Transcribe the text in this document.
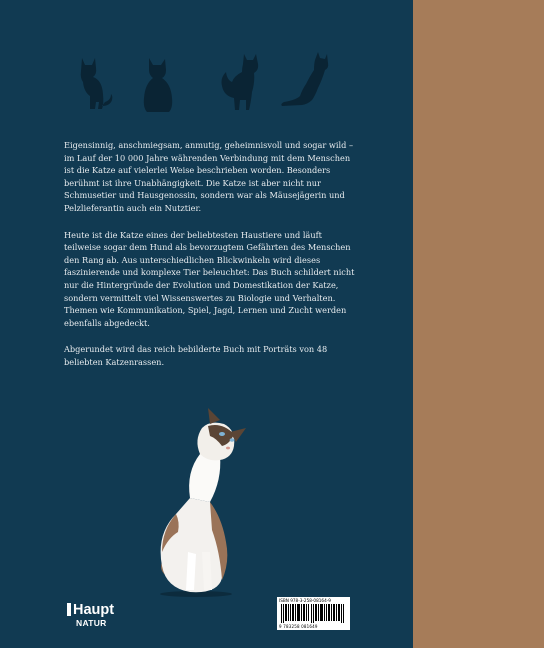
Eigensinnig, anschmiegsam, anmutig, geheimnisvoll und sogar wild – im Lauf der 10 000 Jahre währenden Verbindung mit dem Menschen ist die Katze auf vielerlei Weise beschrieben worden. Besonders berühmt ist ihre Unabhängigkeit. Die Katze ist aber nicht nur Schmusetier und Hausgenossin, sondern war als Mäusejägerin und Pelzlieferantin auch ein Nutztier.

Heute ist die Katze eines der beliebtesten Haustiere und läuft teilweise sogar dem Hund als bevorzugtem Gefährten des Menschen den Rang ab. Aus unterschiedlichen Blickwinkeln wird dieses faszinierende und komplexe Tier beleuchtet: Das Buch schildert nicht nur die Hintergründe der Evolution und Domestikation der Katze, sondern vermittelt viel Wissenswertes zu Biologie und Verhalten. Themen wie Kommunikation, Spiel, Jagd, Lernen und Zucht werden ebenfalls abgedeckt.

Abgerundet wird das reich bebilderte Buch mit Porträts von 48 beliebten Katzenrassen.

Haupt
NATUR
ISBN 978-3-258-08164-9
9 783258 081649
